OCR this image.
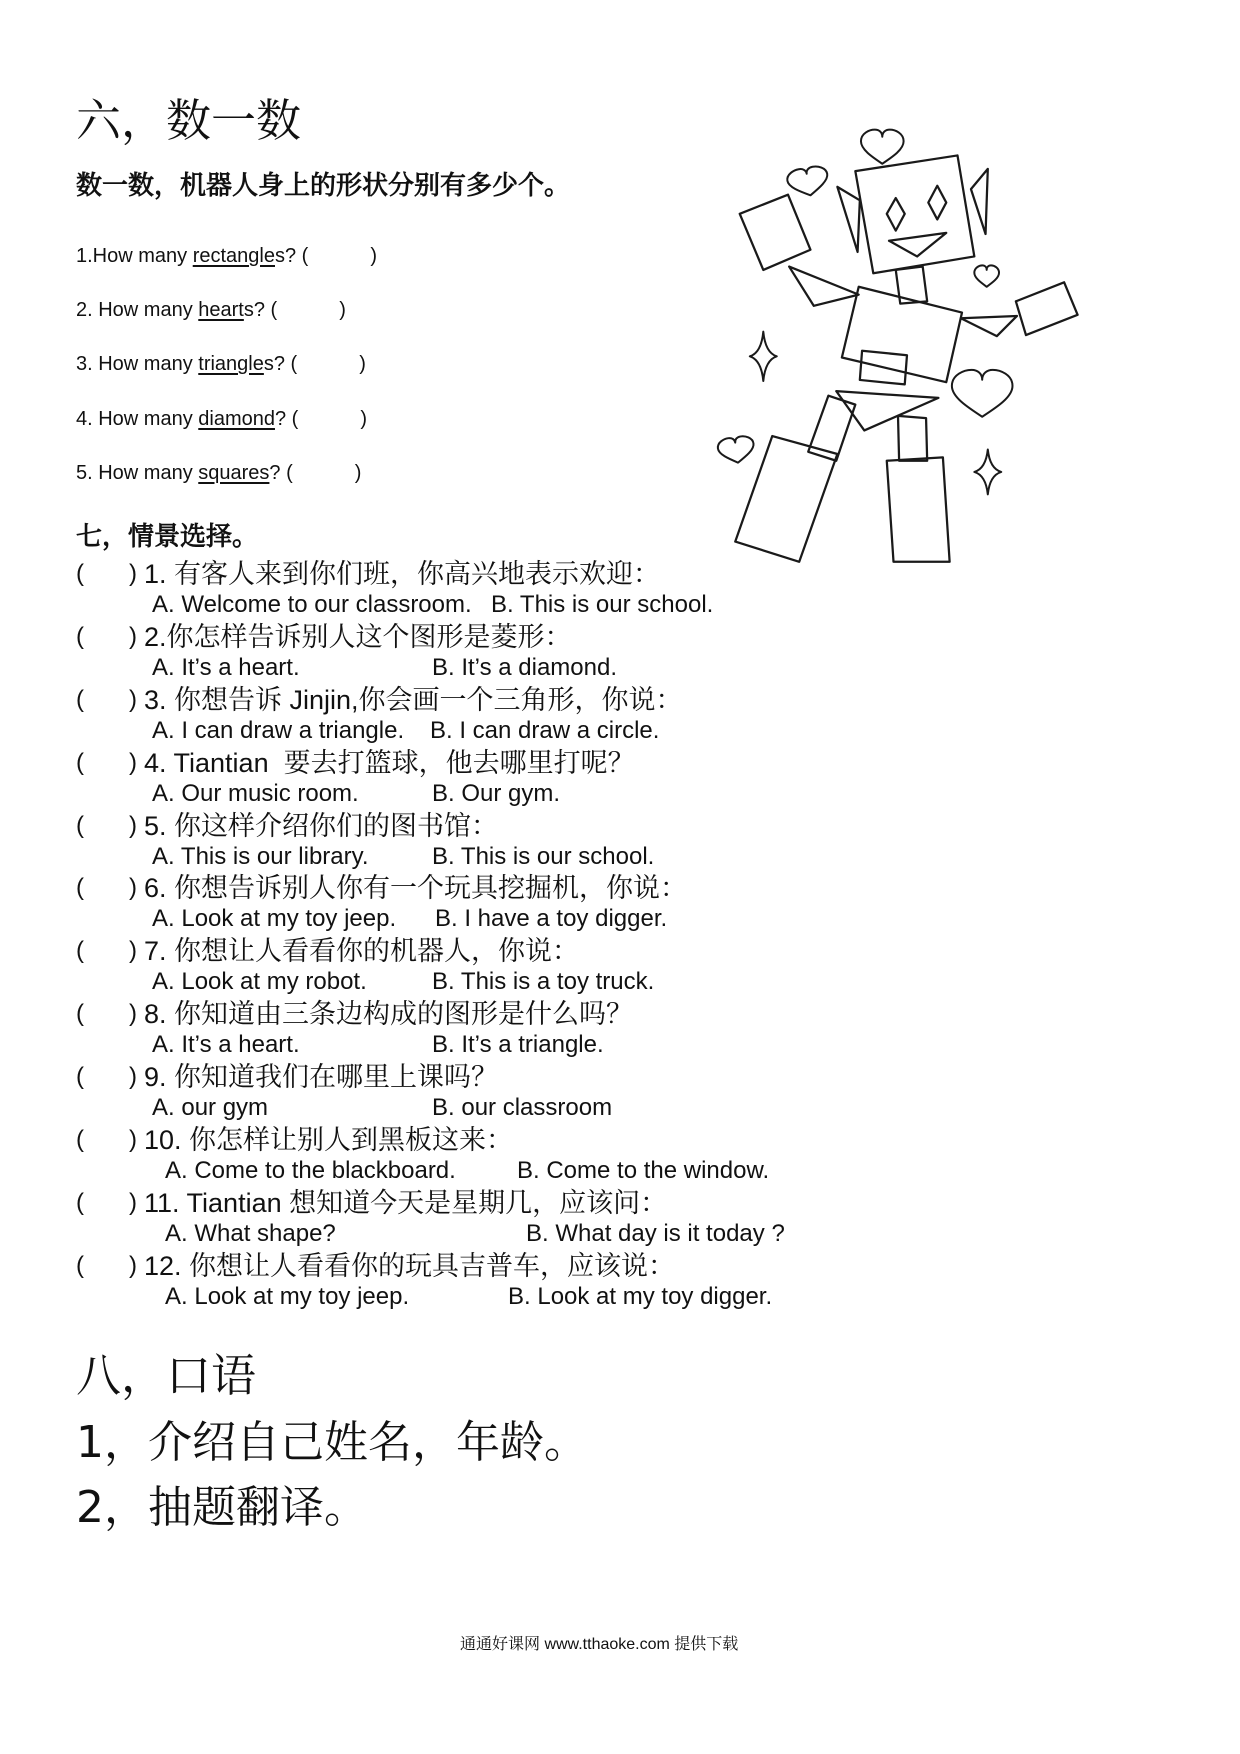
六，数一数
数一数，机器人身上的形状分别有多少个。
1.How many rectangles? (	)
2. How many hearts? (	)
3. How many triangles? (	)
4. How many diamond? (	)
5. How many squares? (	)
七，情景选择。
( ) 1. 有客人来到你们班，你高兴地表示欢迎：
A. Welcome to our classroom. B. This is our school.
( ) 2.你怎样告诉别人这个图形是菱形：
A. It’s a heart.	B. It’s a diamond.
( ) 3. 你想告诉 Jinjin,你会画一个三角形，你说：
A. I can draw a triangle. B. I can draw a circle.
( ) 4. Tiantian  要去打篮球，他去哪里打呢？
A. Our music room.	B. Our gym.
( ) 5. 你这样介绍你们的图书馆：
A. This is our library.	B. This is our school.
( ) 6. 你想告诉别人你有一个玩具挖掘机，你说：
A. Look at my toy jeep. B. I have a toy digger.
( ) 7. 你想让人看看你的机器人，你说：
A. Look at my robot.	B. This is a toy truck.
( ) 8. 你知道由三条边构成的图形是什么吗？
A. It’s a heart.	B. It’s a triangle.
( ) 9. 你知道我们在哪里上课吗？
A. our gym	B. our classroom
( ) 10. 你怎样让别人到黑板这来：
A. Come to the blackboard.	B. Come to the window.
( ) 11. Tiantian 想知道今天是星期几，应该问：
A. What shape?	B. What day is it today ?
( ) 12. 你想让人看看你的玩具吉普车，应该说：
A. Look at my toy jeep.	B. Look at my toy digger.
八，口语
1，介绍自己姓名，年龄。
2，抽题翻译。
通通好课网 www.tthaoke.com 提供下载
